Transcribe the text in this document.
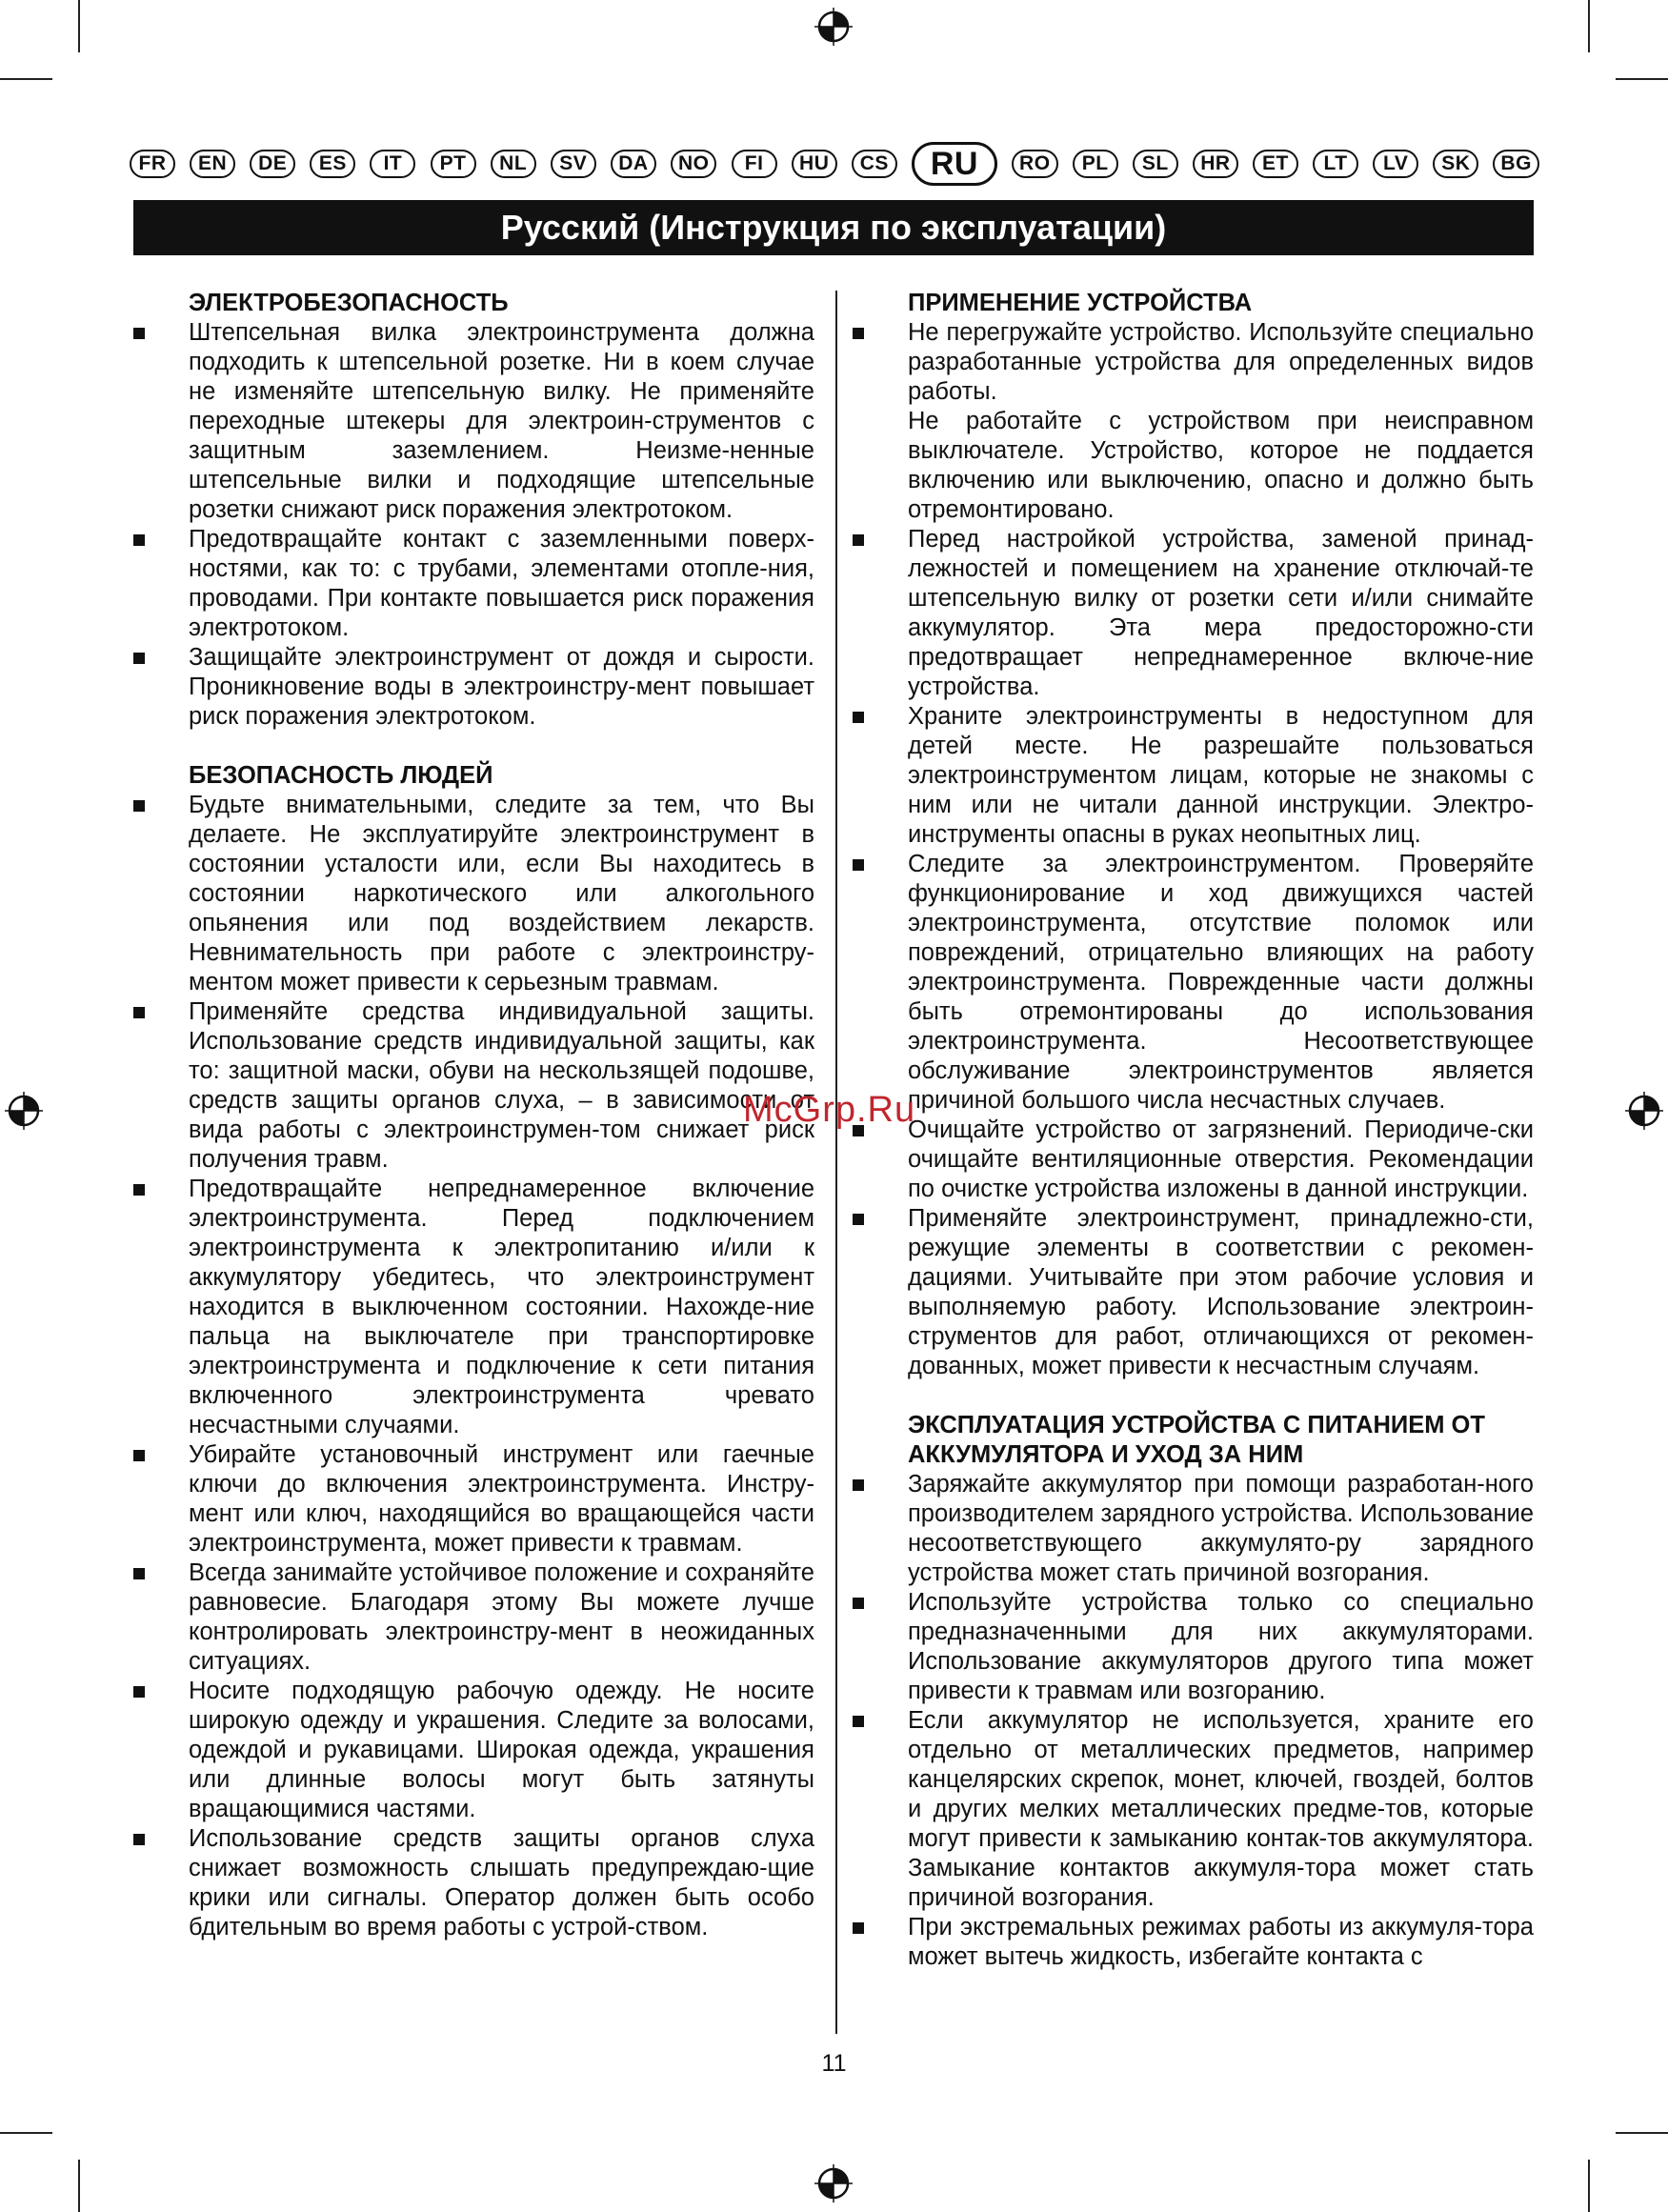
FR	EN	DE	ES	IT	PT	NL	SV	DA	NO	FI	HU	CS	RU	RO	PL	SL	HR	ET	LT	LV	SK	BG
Русский (Инструкция по эксплуатации)
ЭЛЕКТРОБЕЗОПАСНОСТЬ
Штепсельная вилка электроинструмента должна подходить к штепсельной розетке. Ни в коем случае не изменяйте штепсельную вилку. Не применяйте переходные штекеры для электроин-струментов с защитным заземлением. Неизме-ненные штепсельные вилки и подходящие штепсельные розетки снижают риск поражения электротоком.
Предотвращайте контакт с заземленными поверх-ностями, как то: с трубами, элементами отопле-ния, проводами. При контакте повышается риск поражения электротоком.
Защищайте электроинструмент от дождя и сырости. Проникновение воды в электроинстру-мент повышает риск поражения электротоком.
БЕЗОПАСНОСТЬ ЛЮДЕЙ
Будьте внимательными, следите за тем, что Вы делаете. Не эксплуатируйте электроинструмент в состоянии усталости или, если Вы находитесь в состоянии наркотического или алкогольного опьянения или под воздействием лекарств. Невнимательность при работе с электроинстру-ментом может привести к серьезным травмам.
Применяйте средства индивидуальной защиты. Использование средств индивидуальной защиты, как то: защитной маски, обуви на нескользящей подошве, средств защиты органов слуха, – в зависимости от вида работы с электроинструмен-том снижает риск получения травм.
Предотвращайте непреднамеренное включение электроинструмента. Перед подключением электроинструмента к электропитанию и/или к аккумулятору убедитесь, что электроинструмент находится в выключенном состоянии. Нахожде-ние пальца на выключателе при транспортировке электроинструмента и подключение к сети питания включенного электроинструмента чревато несчастными случаями.
Убирайте установочный инструмент или гаечные ключи до включения электроинструмента. Инстру-мент или ключ, находящийся во вращающейся части электроинструмента, может привести к травмам.
Всегда занимайте устойчивое положение и сохраняйте равновесие. Благодаря этому Вы можете лучше контролировать электроинстру-мент в неожиданных ситуациях.
Носите подходящую рабочую одежду. Не носите широкую одежду и украшения. Следите за волосами, одеждой и рукавицами. Широкая одежда, украшения или длинные волосы могут быть затянуты вращающимися частями.
Использование средств защиты органов слуха снижает возможность слышать предупреждаю-щие крики или сигналы. Оператор должен быть особо бдительным во время работы с устрой-ством.
ПРИМЕНЕНИЕ УСТРОЙСТВА
Не перегружайте устройство. Используйте специально разработанные устройства для определенных видов работы.
Не работайте с устройством при неисправном выключателе. Устройство, которое не поддается включению или выключению, опасно и должно быть отремонтировано.
Перед настройкой устройства, заменой принад-лежностей и помещением на хранение отключай-те штепсельную вилку от розетки сети и/или снимайте аккумулятор. Эта мера предосторожно-сти предотвращает непреднамеренное включе-ние устройства.
Храните электроинструменты в недоступном для детей месте. Не разрешайте пользоваться электроинструментом лицам, которые не знакомы с ним или не читали данной инструкции. Электро-инструменты опасны в руках неопытных лиц.
Следите за электроинструментом. Проверяйте функционирование и ход движущихся частей электроинструмента, отсутствие поломок или повреждений, отрицательно влияющих на работу электроинструмента. Поврежденные части должны быть отремонтированы до использования электроинструмента. Несоответствующее обслуживание электроинструментов является причиной большого числа несчастных случаев.
Очищайте устройство от загрязнений. Периодиче-ски очищайте вентиляционные отверстия. Рекомендации по очистке устройства изложены в данной инструкции.
Применяйте электроинструмент, принадлежно-сти, режущие элементы в соответствии с рекомен-дациями. Учитывайте при этом рабочие условия и выполняемую работу. Использование электроин-струментов для работ, отличающихся от рекомен-дованных, может привести к несчастным случаям.
ЭКСПЛУАТАЦИЯ УСТРОЙСТВА С ПИТАНИЕМ ОТ АККУМУЛЯТОРА И УХОД ЗА НИМ
Заряжайте аккумулятор при помощи разработан-ного производителем зарядного устройства. Использование несоответствующего аккумулято-ру зарядного устройства может стать причиной возгорания.
Используйте устройства только со специально предназначенными для них аккумуляторами. Использование аккумуляторов другого типа может привести к травмам или возгоранию.
Если аккумулятор не используется, храните его отдельно от металлических предметов, например канцелярских скрепок, монет, ключей, гвоздей, болтов и других мелких металлических предме-тов, которые могут привести к замыканию контак-тов аккумулятора. Замыкание контактов аккумуля-тора может стать причиной возгорания.
При экстремальных режимах работы из аккумуля-тора может вытечь жидкость, избегайте контакта с
McGrp.Ru
11
